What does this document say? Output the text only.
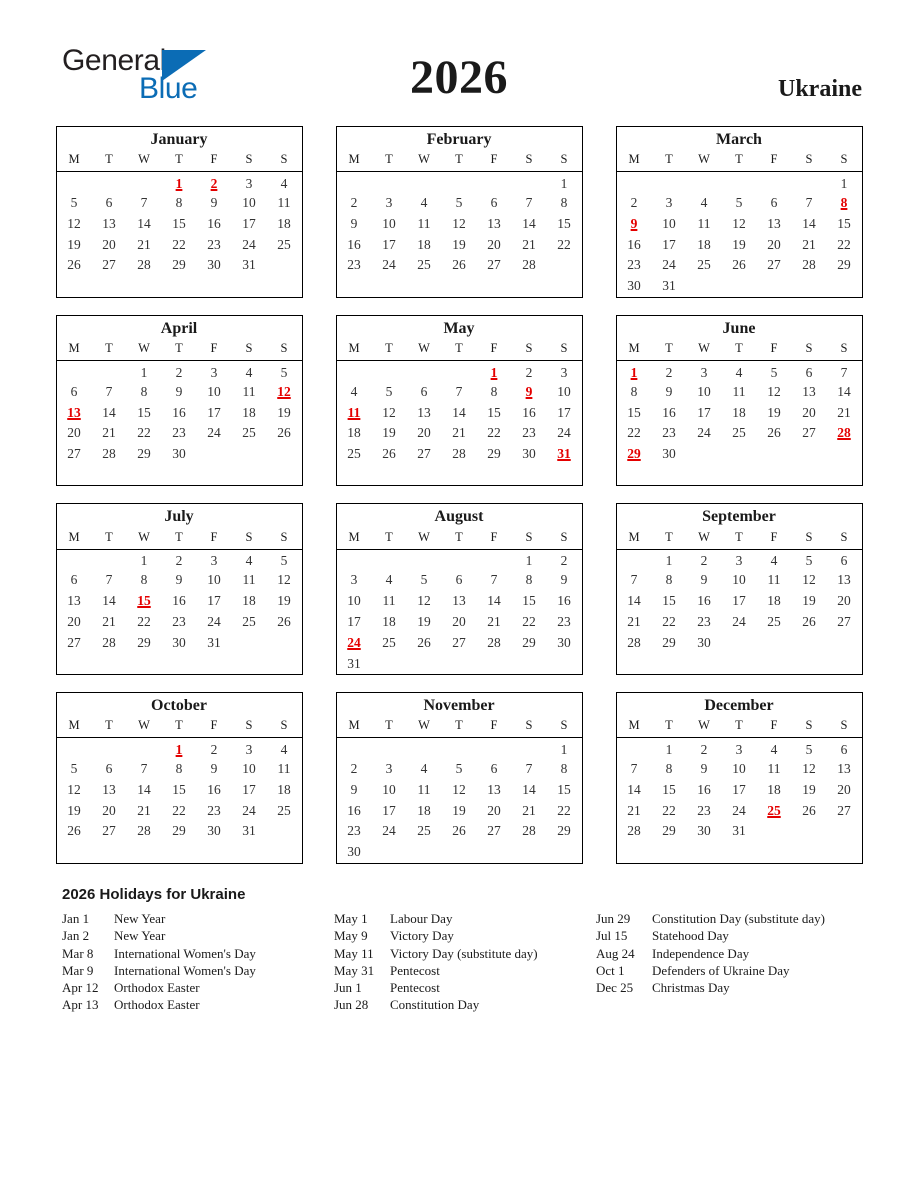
General
Blue	2026	Ukraine
January
M	T	W	T	F	S	S
			1	2	3	4
5	6	7	8	9	10	11
12	13	14	15	16	17	18
19	20	21	22	23	24	25
26	27	28	29	30	31	

February
M	T	W	T	F	S	S
						1
2	3	4	5	6	7	8
9	10	11	12	13	14	15
16	17	18	19	20	21	22
23	24	25	26	27	28	

March
M	T	W	T	F	S	S
						1
2	3	4	5	6	7	8
9	10	11	12	13	14	15
16	17	18	19	20	21	22
23	24	25	26	27	28	29
30	31					
April
M	T	W	T	F	S	S
		1	2	3	4	5
6	7	8	9	10	11	12
13	14	15	16	17	18	19
20	21	22	23	24	25	26
27	28	29	30			

May
M	T	W	T	F	S	S
				1	2	3
4	5	6	7	8	9	10
11	12	13	14	15	16	17
18	19	20	21	22	23	24
25	26	27	28	29	30	31

June
M	T	W	T	F	S	S
1	2	3	4	5	6	7
8	9	10	11	12	13	14
15	16	17	18	19	20	21
22	23	24	25	26	27	28
29	30					

July
M	T	W	T	F	S	S
		1	2	3	4	5
6	7	8	9	10	11	12
13	14	15	16	17	18	19
20	21	22	23	24	25	26
27	28	29	30	31		

August
M	T	W	T	F	S	S
					1	2
3	4	5	6	7	8	9
10	11	12	13	14	15	16
17	18	19	20	21	22	23
24	25	26	27	28	29	30
31						
September
M	T	W	T	F	S	S
	1	2	3	4	5	6
7	8	9	10	11	12	13
14	15	16	17	18	19	20
21	22	23	24	25	26	27
28	29	30				

October
M	T	W	T	F	S	S
			1	2	3	4
5	6	7	8	9	10	11
12	13	14	15	16	17	18
19	20	21	22	23	24	25
26	27	28	29	30	31	

November
M	T	W	T	F	S	S
						1
2	3	4	5	6	7	8
9	10	11	12	13	14	15
16	17	18	19	20	21	22
23	24	25	26	27	28	29
30						
December
M	T	W	T	F	S	S
	1	2	3	4	5	6
7	8	9	10	11	12	13
14	15	16	17	18	19	20
21	22	23	24	25	26	27
28	29	30	31			

2026 Holidays for Ukraine
Jan 1	New Year
Jan 2	New Year
Mar 8	International Women's Day
Mar 9	International Women's Day
Apr 12	Orthodox Easter
Apr 13	Orthodox Easter
May 1	Labour Day
May 9	Victory Day
May 11	Victory Day (substitute day)
May 31	Pentecost
Jun 1	Pentecost
Jun 28	Constitution Day
Jun 29	Constitution Day (substitute day)
Jul 15	Statehood Day
Aug 24	Independence Day
Oct 1	Defenders of Ukraine Day
Dec 25	Christmas Day
